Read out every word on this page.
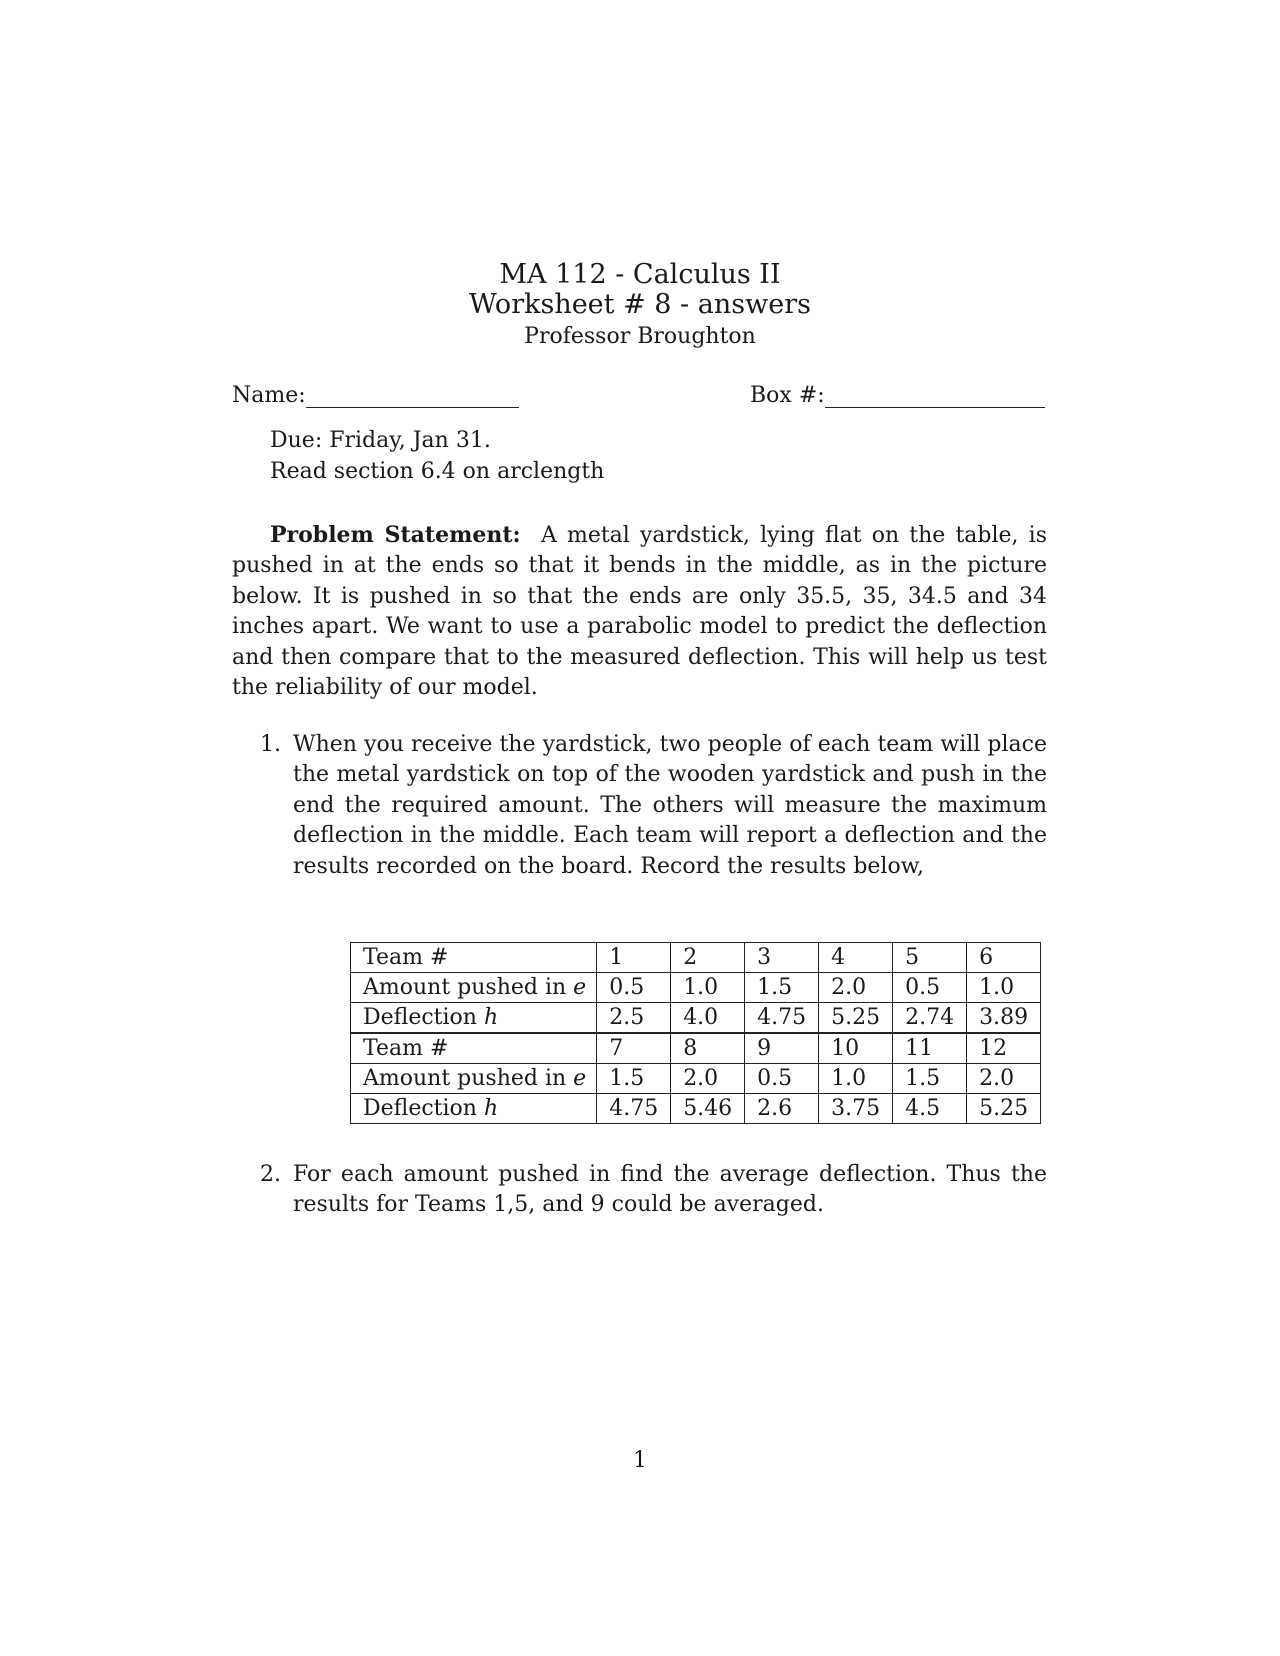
MA 112 - Calculus II
Worksheet # 8 - answers
Professor Broughton
Name:	Box #:
Due: Friday, Jan 31.
Read section 6.4 on arclength
Problem Statement: A metal yardstick, lying flat on the table, is pushed in at the ends so that it bends in the middle, as in the picture below. It is pushed in so that the ends are only 35.5, 35, 34.5 and 34 inches apart. We want to use a parabolic model to predict the deflection and then compare that to the measured deflection. This will help us test the reliability of our model.
1. When you receive the yardstick, two people of each team will place the metal yardstick on top of the wooden yardstick and push in the end the required amount. The others will measure the maximum deflection in the middle. Each team will report a deflection and the results recorded on the board. Record the results below,
Team #	1	2	3	4	5	6
Amount pushed in e	0.5	1.0	1.5	2.0	0.5	1.0
Deflection h	2.5	4.0	4.75	5.25	2.74	3.89
Team #	7	8	9	10	11	12
Amount pushed in e	1.5	2.0	0.5	1.0	1.5	2.0
Deflection h	4.75	5.46	2.6	3.75	4.5	5.25
2. For each amount pushed in find the average deflection. Thus the results for Teams 1,5, and 9 could be averaged.
1
